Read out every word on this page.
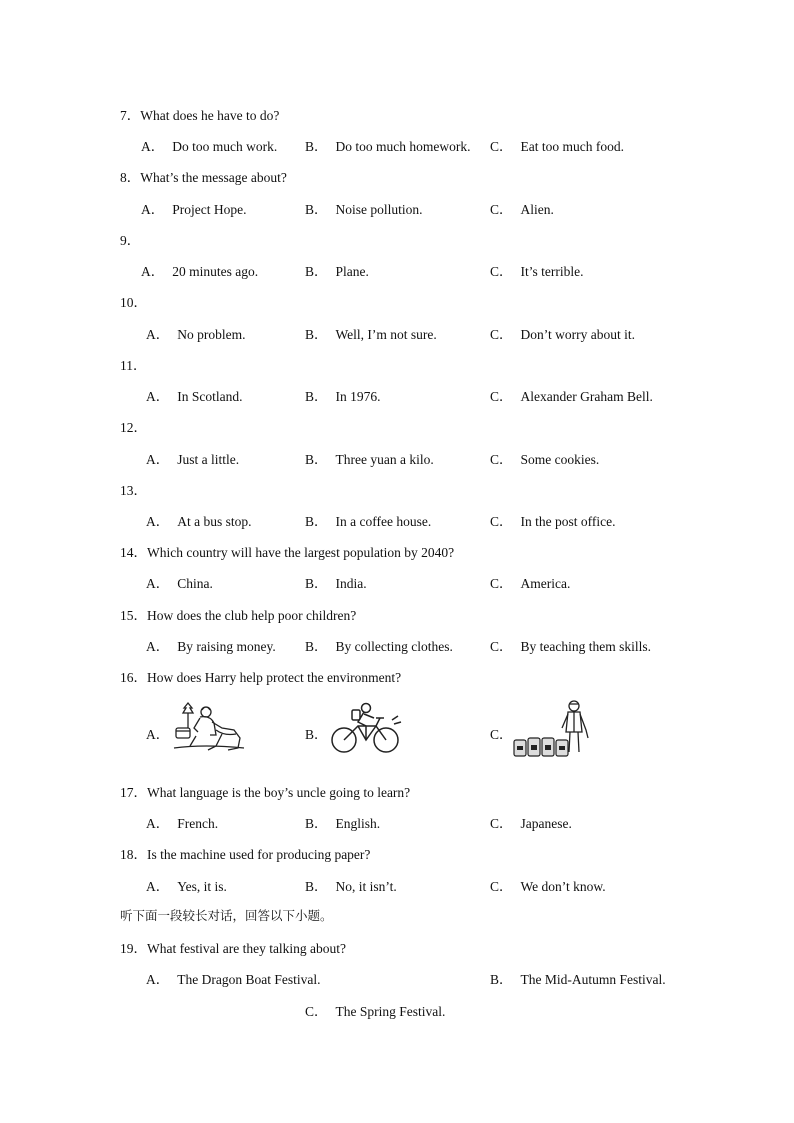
7．What does he have to do?
A． Do too much work. B． Do too much homework. C． Eat too much food.
8．What’s the message about?
A． Project Hope.	B． Noise pollution.	C． Alien.
9．
A． 20 minutes ago.	B． Plane.	C． It’s terrible.
10．
A． No problem.	B． Well, I’m not sure.	C． Don’t worry about it.
11．
A． In Scotland.	B． In 1976.	C． Alexander Graham Bell.
12．
A． Just a little.	B． Three yuan a kilo.	C． Some cookies.
13．
A． At a bus stop.	B． In a coffee house.	C． In the post office.
14．Which country will have the largest population by 2040?
A． China.	B． India.	C． America.
15．How does the club help poor children?
A． By raising money. B． By collecting clothes.	C． By teaching them skills.
16．How does Harry help protect the environment?
A．	B．	C．
17．What language is the boy’s uncle going to learn?
A． French.	B． English.	C． Japanese.
18．Is the machine used for producing paper?
A． Yes, it is.	B． No, it isn’t.	C． We don’t know.
听下面一段较长对话，回答以下小题。
19．What festival are they talking about?
A． The Dragon Boat Festival.	B． The Mid-Autumn Festival.
C． The Spring Festival.
